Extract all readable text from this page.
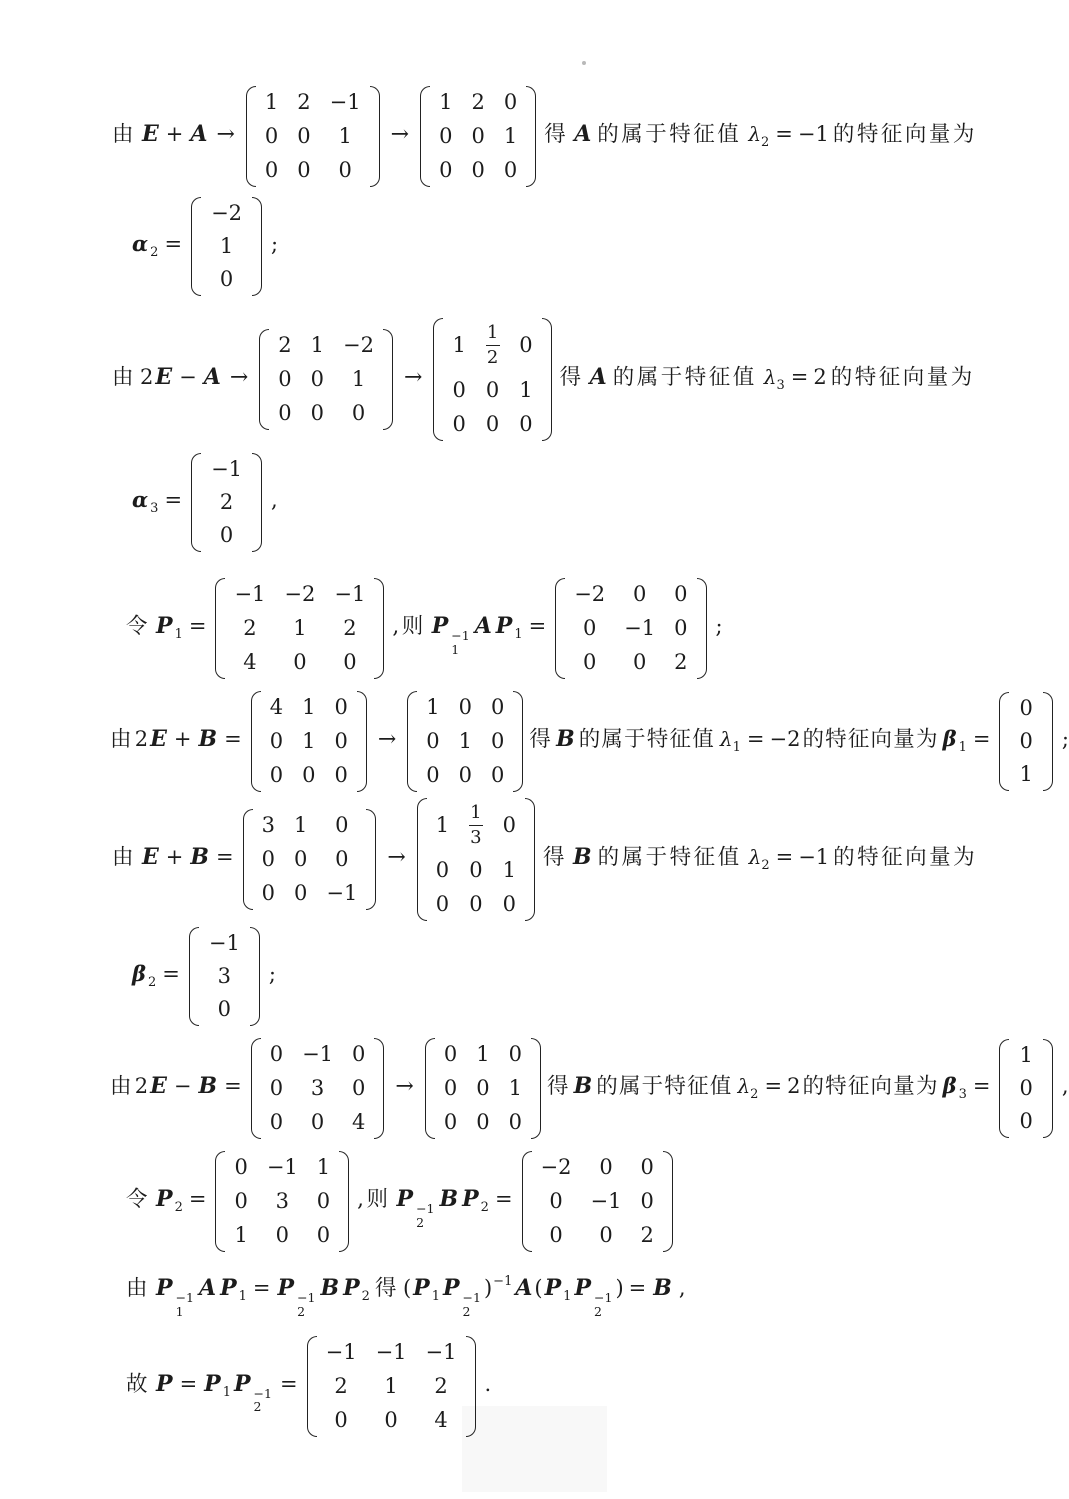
由 E + A →
1 2 −1
0 0 1
0 0 0
→
1 2 0
0 0 1
0 0 0
得 A 的属于特征值 $\lambda_2 = -1$ 的特征向量为
α $_2$ =
−2
1
0
;
由 2E − A →
2 1 −2
0 0 1
0 0 0
→
$1 \frac{1}{2} 0$
0 0 1
0 0 0
得 A 的属于特征值 $\lambda_3 = 2$ 的特征向量为
α $_3$ =
−1
2
0
,
令 P $_1$ =
−1 −2 −1
2 1 2
4 0 0
,则 P −1
1
A P $_1$ =
−2 0 0
0 −1 0
0 0 2
;
由2E + B =
4 1 0
0 1 0
0 0 0
→
1 0 0
0 1 0
0 0 0
得 B 的属于特征值 $\lambda_1 = -2$的特征向量为 β $_1$ =
0
0
1
;
由 E + B =
3 1 0
0 0 0
0 0 −1
→
$1 \frac{1}{3} 0$
0 0 1
0 0 0
得 B 的属于特征值 $\lambda_2 = -1$ 的特征向量为
β $_2$ =
−1
3
0
;
由2E − B =
0 −1 0
0 3 0
0 0 4
→
0 1 0
0 0 1
0 0 0
得 B 的属于特征值 $\lambda_2 = 2$的特征向量为 β $_3$ =
1
0
0
,
令 P $_2$ =
0 −1 1
0 3 0
1 0 0
,则 P −1
2
B P $_2$ =
−2 0 0
0 −1 0
0 0 2
由 P −1
1
A P $_1$ = P −1
2
B P $_2$ 得 (P $_1$ P −1
2
)$^{-1}$ A(P $_1$ P −1
2
) = B ,
故 P = P $_1$ P −1
2
=
−1 −1 −1
2 1 2
0 0 4
.
